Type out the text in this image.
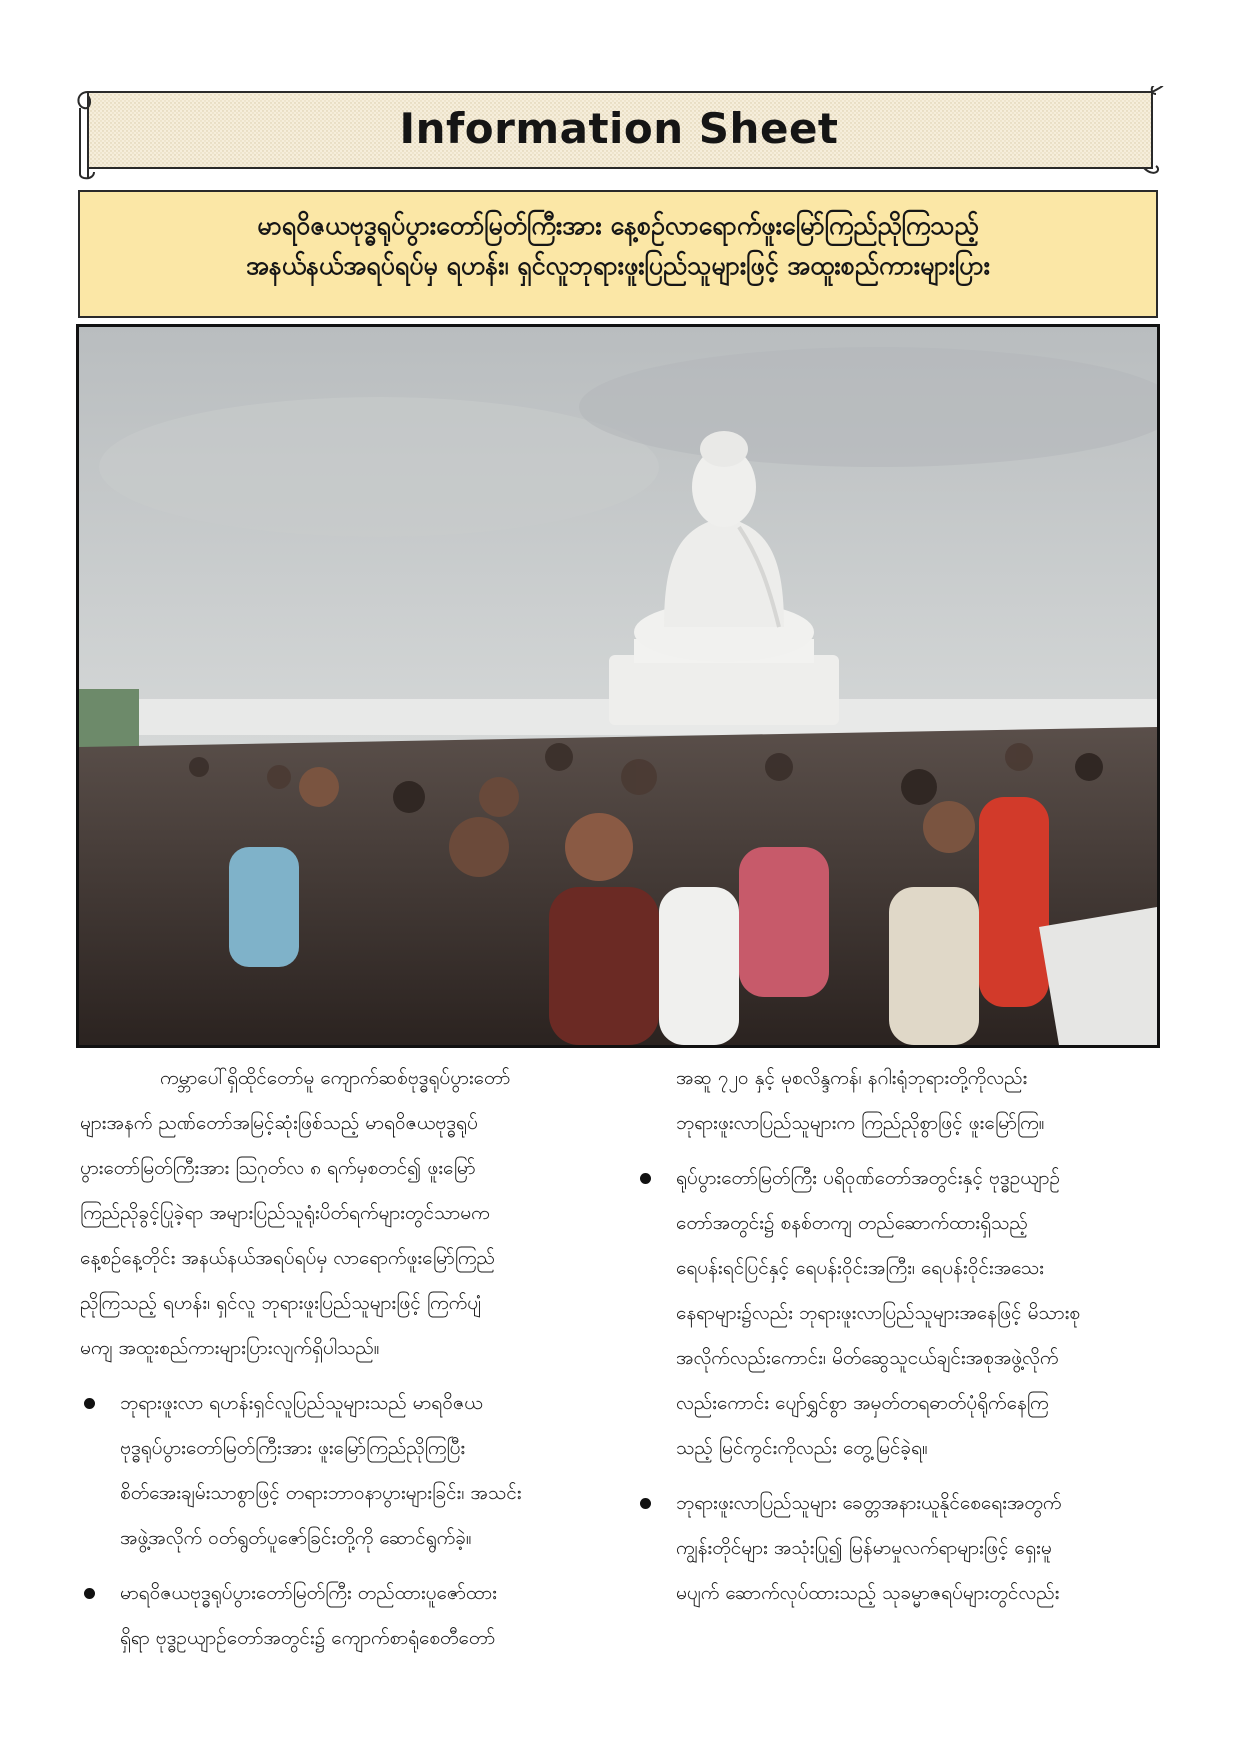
Information Sheet
မာရဝိဇယဗုဒ္ဓရုပ်ပွားတော်မြတ်ကြီးအား နေ့စဉ်လာရောက်ဖူးမြော်ကြည်ညိုကြသည့်
အနယ်နယ်အရပ်ရပ်မှ ရဟန်း၊ ရှင်လူဘုရားဖူးပြည်သူများဖြင့် အထူးစည်ကားများပြား
ကမ္ဘာပေါ်ရှိထိုင်တော်မူ ကျောက်ဆစ်ဗုဒ္ဓရုပ်ပွားတော်
များအနက် ညဏ်တော်အမြင့်ဆုံးဖြစ်သည့် မာရဝိဇယဗုဒ္ဓရုပ်
ပွားတော်မြတ်ကြီးအား သြဂုတ်လ ၈ ရက်မှစတင်၍ ဖူးမြော်
ကြည်ညိုခွင့်ပြုခဲ့ရာ အများပြည်သူရုံးပိတ်ရက်များတွင်သာမက
နေ့စဉ်နေ့တိုင်း အနယ်နယ်အရပ်ရပ်မှ လာရောက်ဖူးမြော်ကြည်
ညိုကြသည့် ရဟန်း၊ ရှင်လူ ဘုရားဖူးပြည်သူများဖြင့် ကြက်ပျံ
မကျ အထူးစည်ကားများပြားလျက်ရှိပါသည်။
ဘုရားဖူးလာ ရဟန်းရှင်လူပြည်သူများသည် မာရဝိဇယ
ဗုဒ္ဓရုပ်ပွားတော်မြတ်ကြီးအား ဖူးမြော်ကြည်ညိုကြပြီး
စိတ်အေးချမ်းသာစွာဖြင့် တရားဘာဝနာပွားများခြင်း၊ အသင်း
အဖွဲ့အလိုက် ဝတ်ရွတ်ပူဇော်ခြင်းတို့ကို ဆောင်ရွက်ခဲ့။
မာရဝိဇယဗုဒ္ဓရုပ်ပွားတော်မြတ်ကြီး တည်ထားပူဇော်ထား
ရှိရာ ဗုဒ္ဓဥယျာဉ်တော်အတွင်း၌ ကျောက်စာရုံစေတီတော်
အဆူ ၇၂၀ နှင့် မုစလိန္ဒကန်၊ နဂါးရုံဘုရားတို့ကိုလည်း
ဘုရားဖူးလာပြည်သူများက ကြည်ညိုစွာဖြင့် ဖူးမြော်ကြ။
ရုပ်ပွားတော်မြတ်ကြီး ပရိဝုဏ်တော်အတွင်းနှင့် ဗုဒ္ဓဥယျာဉ်
တော်အတွင်း၌ စနစ်တကျ တည်ဆောက်ထားရှိသည့်
ရေပန်းရင်ပြင်နှင့် ရေပန်းဝိုင်းအကြီး၊ ရေပန်းဝိုင်းအသေး
နေရာများ၌လည်း ဘုရားဖူးလာပြည်သူများအနေဖြင့် မိသားစု
အလိုက်လည်းကောင်း၊ မိတ်ဆွေသူငယ်ချင်းအစုအဖွဲ့လိုက်
လည်းကောင်း ပျော်ရွှင်စွာ အမှတ်တရဓာတ်ပုံရိုက်နေကြ
သည့် မြင်ကွင်းကိုလည်း တွေ့မြင်ခဲ့ရ။
ဘုရားဖူးလာပြည်သူများ ခေတ္တအနားယူနိုင်စေရေးအတွက်
ကျွန်းတိုင်များ အသုံးပြု၍ မြန်မာမှုလက်ရာများဖြင့် ရှေးမူ
မပျက် ဆောက်လုပ်ထားသည့် သုခမ္မာဇရပ်များတွင်လည်း
